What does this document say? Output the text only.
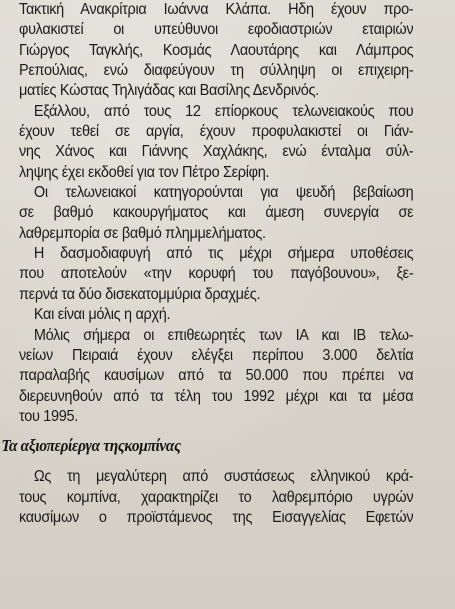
Τακτική Ανακρίτρια Ιωάννα Κλάπα. Ηδη έχουν προ-
φυλακιστεί οι υπεύθυνοι εφοδιαστριών εταιριών
Γιώργος Ταγκλής, Κοσμάς Λαουτάρης και Λάμπρος
Ρεπούλιας, ενώ διαφεύγουν τη σύλληψη οι επιχειρη-
ματίες Κώστας Τηλιγάδας και Βασίλης Δενδρινός.
Εξάλλου, από τους 12 επίορκους τελωνειακούς που
έχουν τεθεί σε αργία, έχουν προφυλακιστεί οι Γιάν-
νης Χάνος και Γιάννης Χαχλάκης, ενώ ένταλμα σύλ-
ληψης έχει εκδοθεί για τον Πέτρο Σερίφη.
Οι τελωνειακοί κατηγορούνται για ψευδή βεβαίωση
σε βαθμό κακουργήματος και άμεση συνεργία σε
λαθρεμπορία σε βαθμό πλημμελήματος.
Η δασμοδιαφυγή από τις μέχρι σήμερα υποθέσεις
που αποτελούν «την κορυφή του παγόβουνου», ξε-
περνά τα δύο δισεκατομμύρια δραχμές.
Και είναι μόλις η αρχή.
Μόλις σήμερα οι επιθεωρητές των ΙΑ και ΙΒ τελω-
νείων Πειραιά έχουν ελέγξει περίπου 3.000 δελτία
παραλαβής καυσίμων από τα 50.000 που πρέπει να
διερευνηθούν από τα τέλη του 1992 μέχρι και τα μέσα
του 1995.
Τα αξιοπερίεργα τηςκομπίνας
Ως τη μεγαλύτερη από συστάσεως ελληνικού κρά-
τους κομπίνα, χαρακτηρίζει το λαθρεμπόριο υγρών
καυσίμων ο προϊστάμενος της Εισαγγελίας Εφετών
